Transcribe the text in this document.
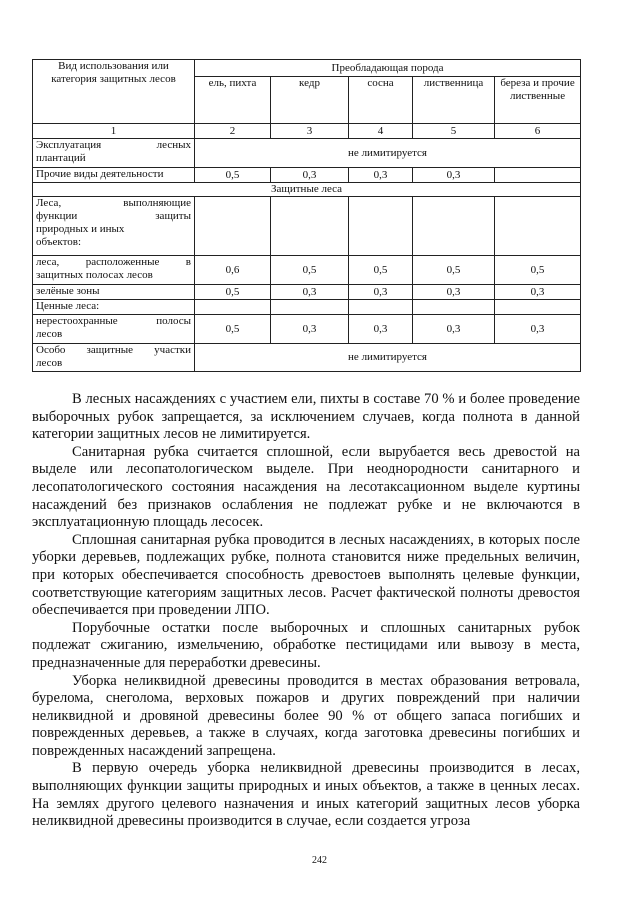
Вид использования или категория защитных лесов	Преобладающая порода				
	ель, пихта	кедр	сосна	лиственница	береза и прочие лиственные
1	2	3	4	5	6

Эксплуатация лесных
плантаций	не лимитируется				
Прочие виды деятельности	0,5	0,3	0,3	0,3	
Защитные леса					

Леса, выполняющие
функции защиты
природных и иных
объектов:					

леса, расположенные в
защитных полосах лесов	0,6	0,5	0,5	0,5	0,5
зелёные зоны	0,5	0,3	0,3	0,3	0,3
Ценные леса:					

нерестоохранные полосы
лесов	0,5	0,3	0,3	0,3	0,3

Особо защитные участки
лесов	не лимитируется				

В лесных насаждениях с участием ели, пихты в составе 70 % и более проведение выборочных рубок запрещается, за исключением случаев, когда полнота в данной категории защитных лесов не лимитируется.

Санитарная рубка считается сплошной, если вырубается весь древостой на выделе или лесопатологическом выделе. При неоднородности санитарного и лесопатологического состояния насаждения на лесотаксационном выделе куртины насаждений без признаков ослабления не подлежат рубке и не включаются в эксплуатационную площадь лесосек.

Сплошная санитарная рубка проводится в лесных насаждениях, в которых после уборки деревьев, подлежащих рубке, полнота становится ниже предельных величин, при которых обеспечивается способность древостоев выполнять целевые функции, соответствующие категориям защитных лесов. Расчет фактической полноты древостоя обеспечивается при проведении ЛПО.

Порубочные остатки после выборочных и сплошных санитарных рубок подлежат сжиганию, измельчению, обработке пестицидами или вывозу в места, предназначенные для переработки древесины.

Уборка неликвидной древесины проводится в местах образования ветровала, бурелома, снеголома, верховых пожаров и других повреждений при наличии неликвидной и дровяной древесины более 90 % от общего запаса погибших и поврежденных деревьев, а также в случаях, когда заготовка древесины погибших и поврежденных насаждений запрещена.

В первую очередь уборка неликвидной древесины производится в лесах, выполняющих функции защиты природных и иных объектов, а также в ценных лесах. На землях другого целевого назначения и иных категорий защитных лесов уборка неликвидной древесины производится в случае, если создается угроза

242
